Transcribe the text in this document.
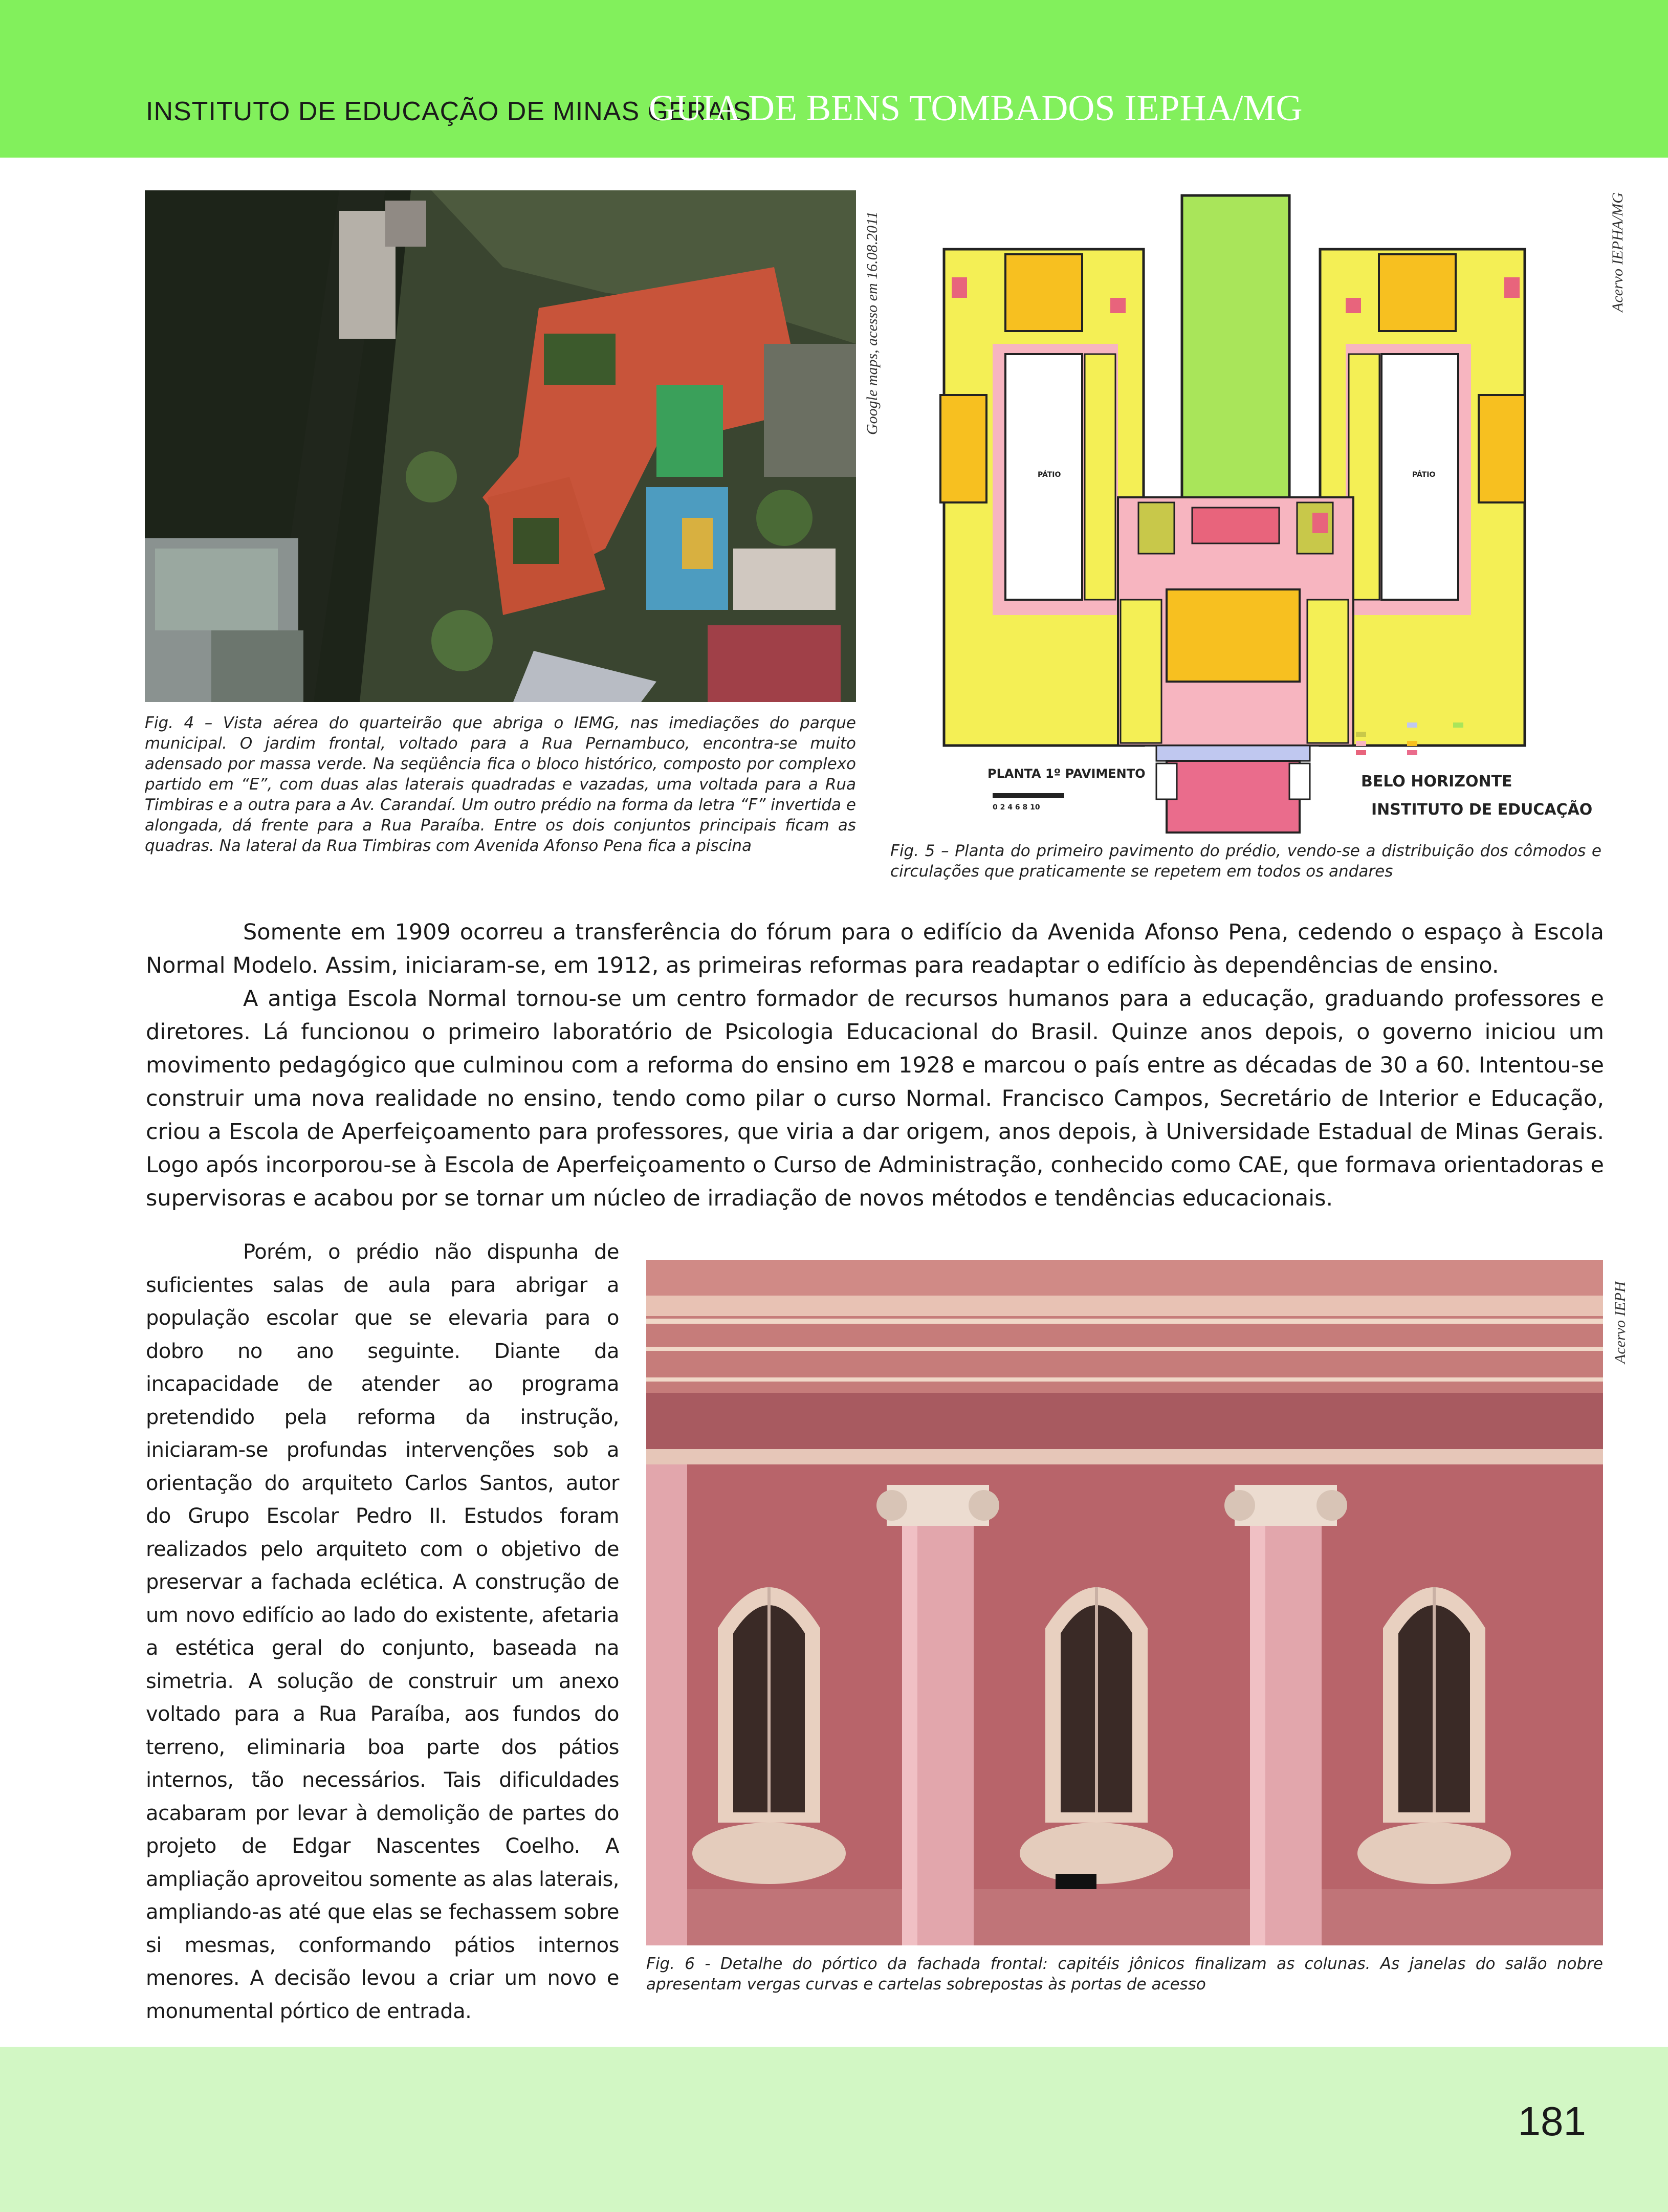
INSTITUTO DE EDUCAÇÃO DE MINAS GERAIS
GUIA DE BENS TOMBADOS IEPHA/MG
Google maps, acesso em 16.08.2011

Fig. 4 – Vista aérea do quarteirão que abriga o IEMG, nas imediações do parque municipal. O jardim frontal, voltado para a Rua Pernambuco, encontra-se muito adensado por massa verde. Na seqüência fica o bloco histórico, composto por complexo partido em “E”, com duas alas laterais quadradas e vazadas, uma voltada para a Rua Timbiras e a outra para a Av. Carandaí. Um outro prédio na forma da letra “F” invertida e alongada, dá frente para a Rua Paraíba. Entre os dois conjuntos principais ficam as quadras. Na lateral da Rua Timbiras com Avenida Afonso Pena fica a piscina

PÁTIO	PÁTIO
PLANTA 1º PAVIMENTO
0 2 4 6 8 10
BELO HORIZONTE
INSTITUTO DE EDUCAÇÃO
Acervo IEPHA/MG

Fig. 5 – Planta do primeiro pavimento do prédio, vendo-se a distribuição dos cômodos e circulações que praticamente se repetem em todos os andares

Somente em 1909 ocorreu a transferência do fórum para o edifício da Avenida Afonso Pena, cedendo o espaço à Escola Normal Modelo. Assim, iniciaram-se, em 1912, as primeiras reformas para readaptar o edifício às dependências de ensino.

A antiga Escola Normal tornou-se um centro formador de recursos humanos para a educação, graduando professores e diretores. Lá funcionou o primeiro laboratório de Psicologia Educacional do Brasil. Quinze anos depois, o governo iniciou um movimento pedagógico que culminou com a reforma do ensino em 1928 e marcou o país entre as décadas de 30 a 60. Intentou-se construir uma nova realidade no ensino, tendo como pilar o curso Normal. Francisco Campos, Secretário de Interior e Educação, criou a Escola de Aperfeiçoamento para professores, que viria a dar origem, anos depois, à Universidade Estadual de Minas Gerais. Logo após incorporou-se à Escola de Aperfeiçoamento o Curso de Administração, conhecido como CAE, que formava orientadoras e supervisoras e acabou por se tornar um núcleo de irradiação de novos métodos e tendências educacionais.

Porém, o prédio não dispunha de suficientes salas de aula para abrigar a população escolar que se elevaria para o dobro no ano seguinte. Diante da incapacidade de atender ao programa pretendido pela reforma da instrução, iniciaram-se profundas intervenções sob a orientação do arquiteto Carlos Santos, autor do Grupo Escolar Pedro II. Estudos foram realizados pelo arquiteto com o objetivo de preservar a fachada eclética. A construção de um novo edifício ao lado do existente, afetaria a estética geral do conjunto, baseada na simetria. A solução de construir um anexo voltado para a Rua Paraíba, aos fundos do terreno, eliminaria boa parte dos pátios internos, tão necessários. Tais dificuldades acabaram por levar à demolição de partes do projeto de Edgar Nascentes Coelho. A ampliação aproveitou somente as alas laterais, ampliando-as até que elas se fechassem sobre si mesmas, conformando pátios internos menores. A decisão levou a criar um novo e monumental pórtico de entrada.

Acervo IEPH

Fig. 6 - Detalhe do pórtico da fachada frontal: capitéis jônicos finalizam as colunas. As janelas do salão nobre apresentam vergas curvas e cartelas sobrepostas às portas de acesso

181
